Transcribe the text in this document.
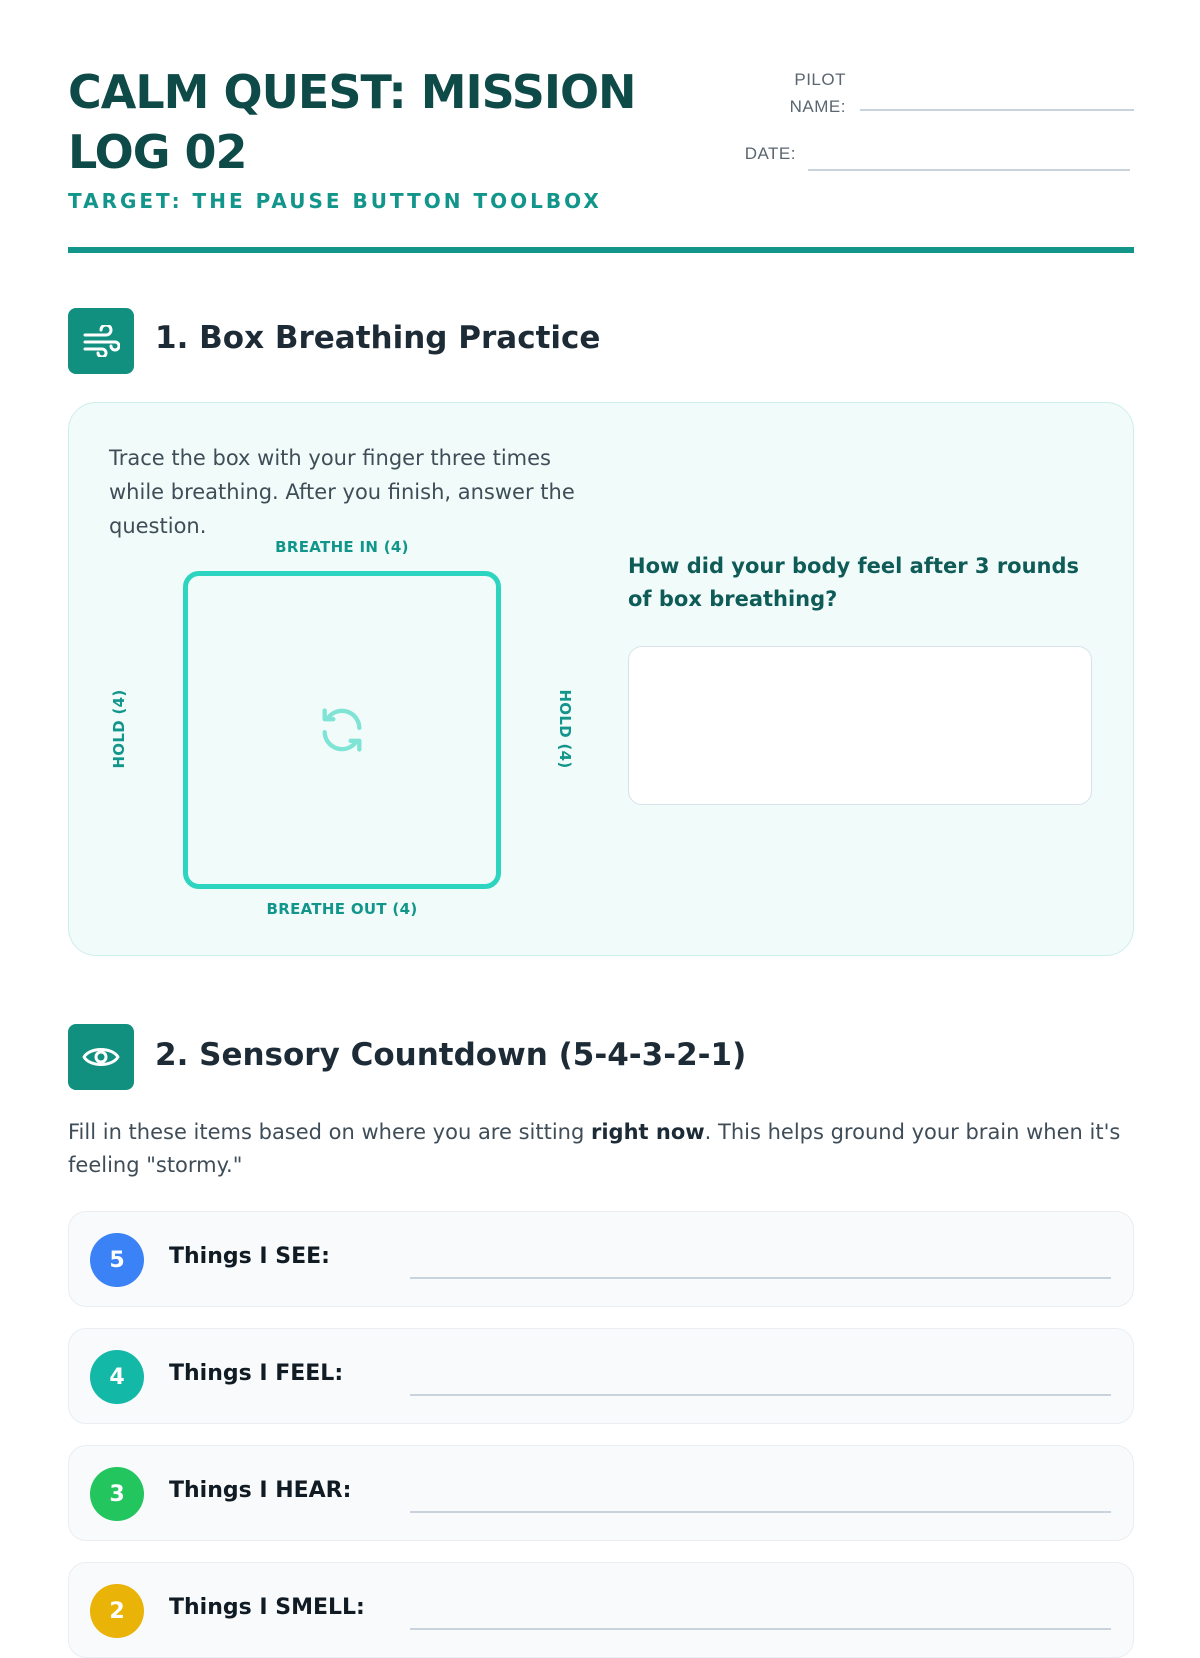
CALM QUEST: MISSION LOG 02
TARGET: THE PAUSE BUTTON TOOLBOX
PILOT
NAME:
DATE:
1. Box Breathing Practice
Trace the box with your finger three times while breathing. After you finish, answer the question.
BREATHE IN (4)
BREATHE OUT (4)
HOLD (4)	HOLD (4)
How did your body feel after 3 rounds of box breathing?
2. Sensory Countdown (5-4-3-2-1)
Fill in these items based on where you are sitting right now. This helps ground your brain when it's feeling "stormy."
5	Things I SEE:
4	Things I FEEL:
3	Things I HEAR:
2	Things I SMELL:
